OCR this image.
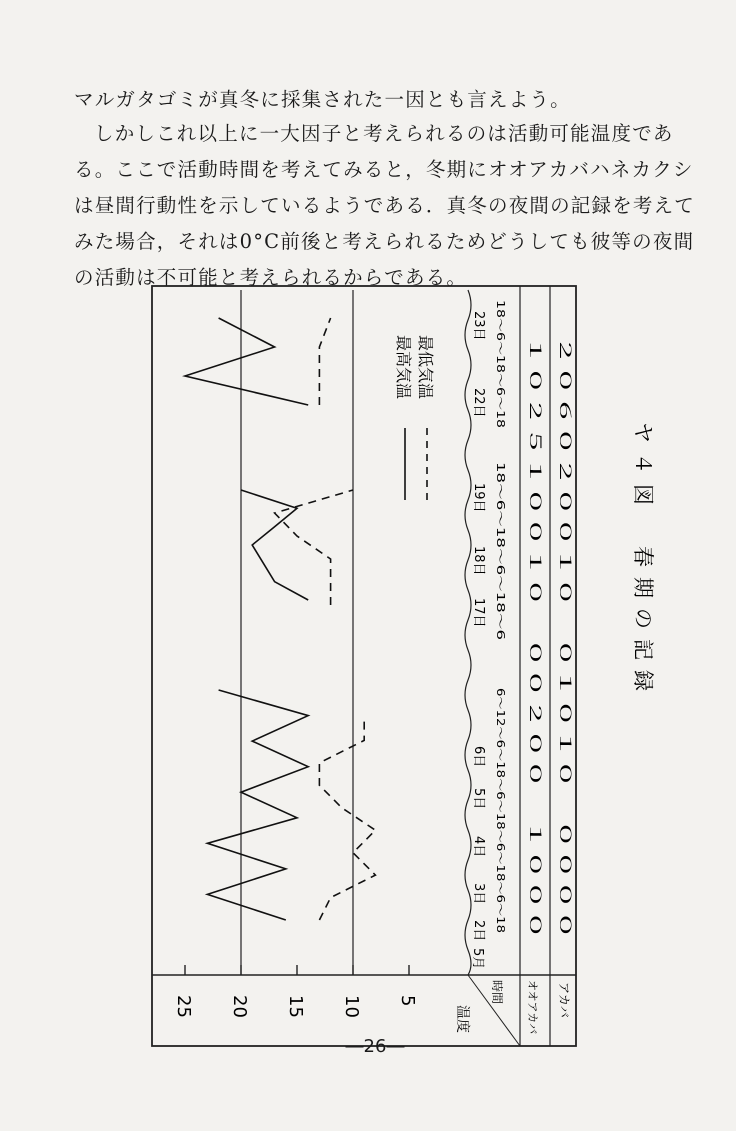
マルガタゴミが真冬に採集された一因とも言えよう。

しかしこれ以上に一大因子と考えられるのは活動可能温度である。ここで活動時間を考えてみると，冬期にオオアカバハネカクシは昼間行動性を示しているようである．真冬の夜間の記録を考えてみた場合，それは0°C前後と考えられるためどうしても彼等の夜間の活動は不可能と考えられるからである。

5
10
15
20
25
最高気温 最低気温
ヤ４図　春期の記録
温度
時間 オオアカバ アカバ
5月
2日
3日
4日
5日
6日
17日
18日
19日
22日
23日
6～12～6～18～6～18～6～18～6～18
18～6～18～6～18～6
18～6～18～6～18 １０２５１００１０　００２００　１０００ ２０６０２００１０　０１０１０　００００
―26―
